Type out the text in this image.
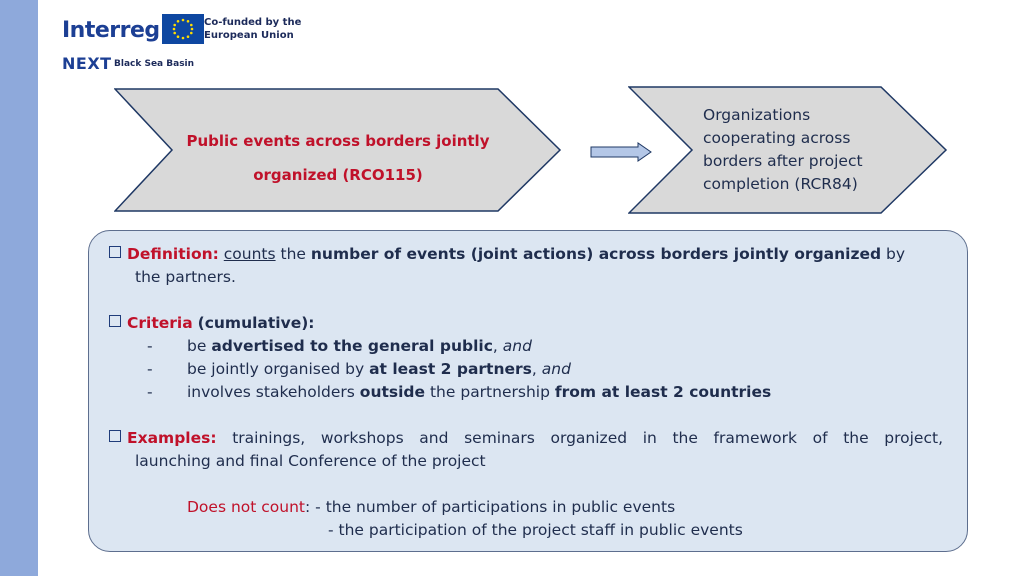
Interreg	Co-funded by the European Union
NEXT Black Sea Basin
Public events across borders jointly
organized (RCO115)
Organizations
cooperating across
borders after project
completion (RCR84)
Definition: counts the number of events (joint actions) across borders jointly organized by
the partners.
Criteria (cumulative):
- be advertised to the general public, and
- be jointly organised by at least 2 partners, and
- involves stakeholders outside the partnership from at least 2 countries
Examples: trainings, workshops and seminars organized in the framework of the project,
launching and final Conference of the project
Does not count: - the number of participations in public events
- the participation of the project staff in public events
